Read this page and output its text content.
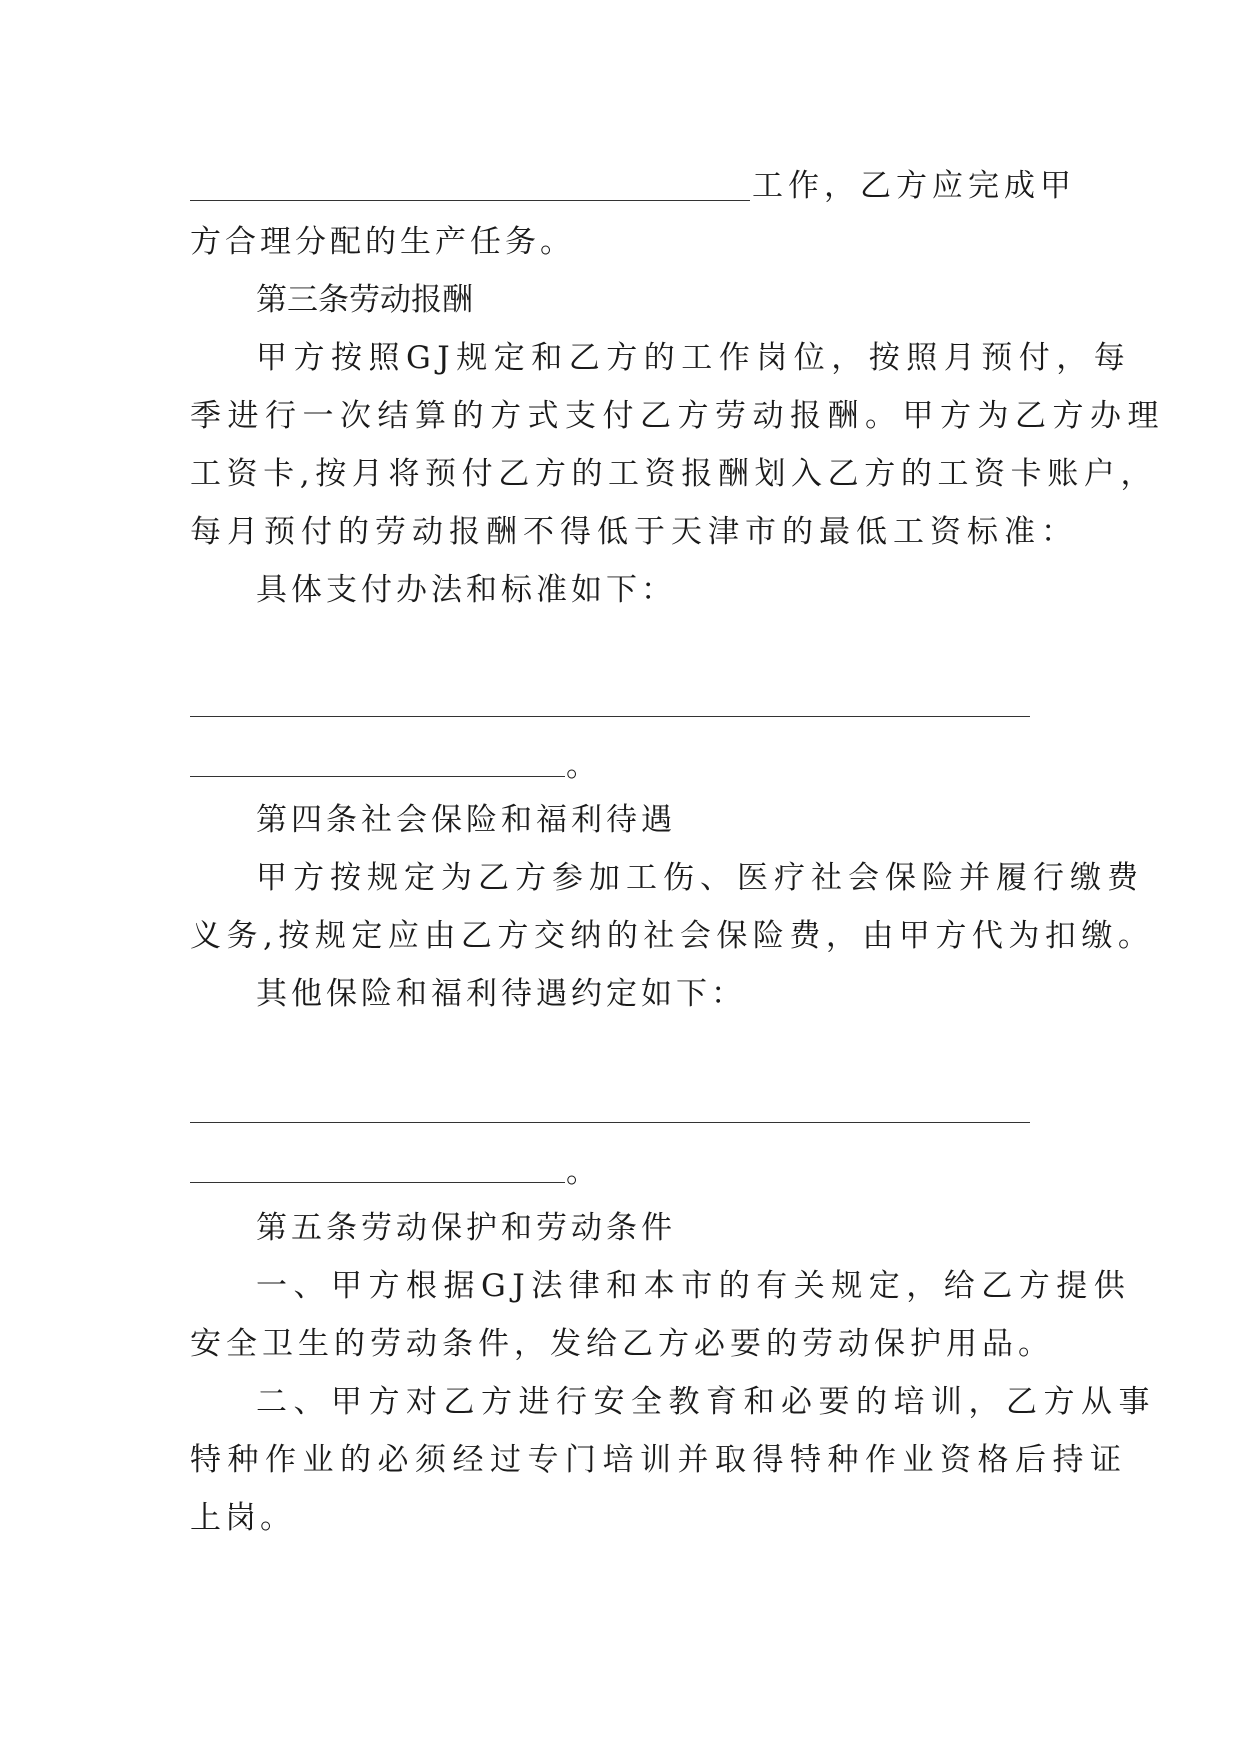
工作，乙方应完成甲
方合理分配的生产任务。
第三条劳动报酬
甲方按照GJ规定和乙方的工作岗位，按照月预付，每
季进行一次结算的方式支付乙方劳动报酬。甲方为乙方办理
工资卡,按月将预付乙方的工资报酬划入乙方的工资卡账户，
每月预付的劳动报酬不得低于天津市的最低工资标准：
具体支付办法和标准如下：
。
第四条社会保险和福利待遇
甲方按规定为乙方参加工伤、医疗社会保险并履行缴费
义务,按规定应由乙方交纳的社会保险费，由甲方代为扣缴。
其他保险和福利待遇约定如下：
。
第五条劳动保护和劳动条件
一、甲方根据GJ法律和本市的有关规定，给乙方提供
安全卫生的劳动条件，发给乙方必要的劳动保护用品。
二、甲方对乙方进行安全教育和必要的培训，乙方从事
特种作业的必须经过专门培训并取得特种作业资格后持证
上岗。
